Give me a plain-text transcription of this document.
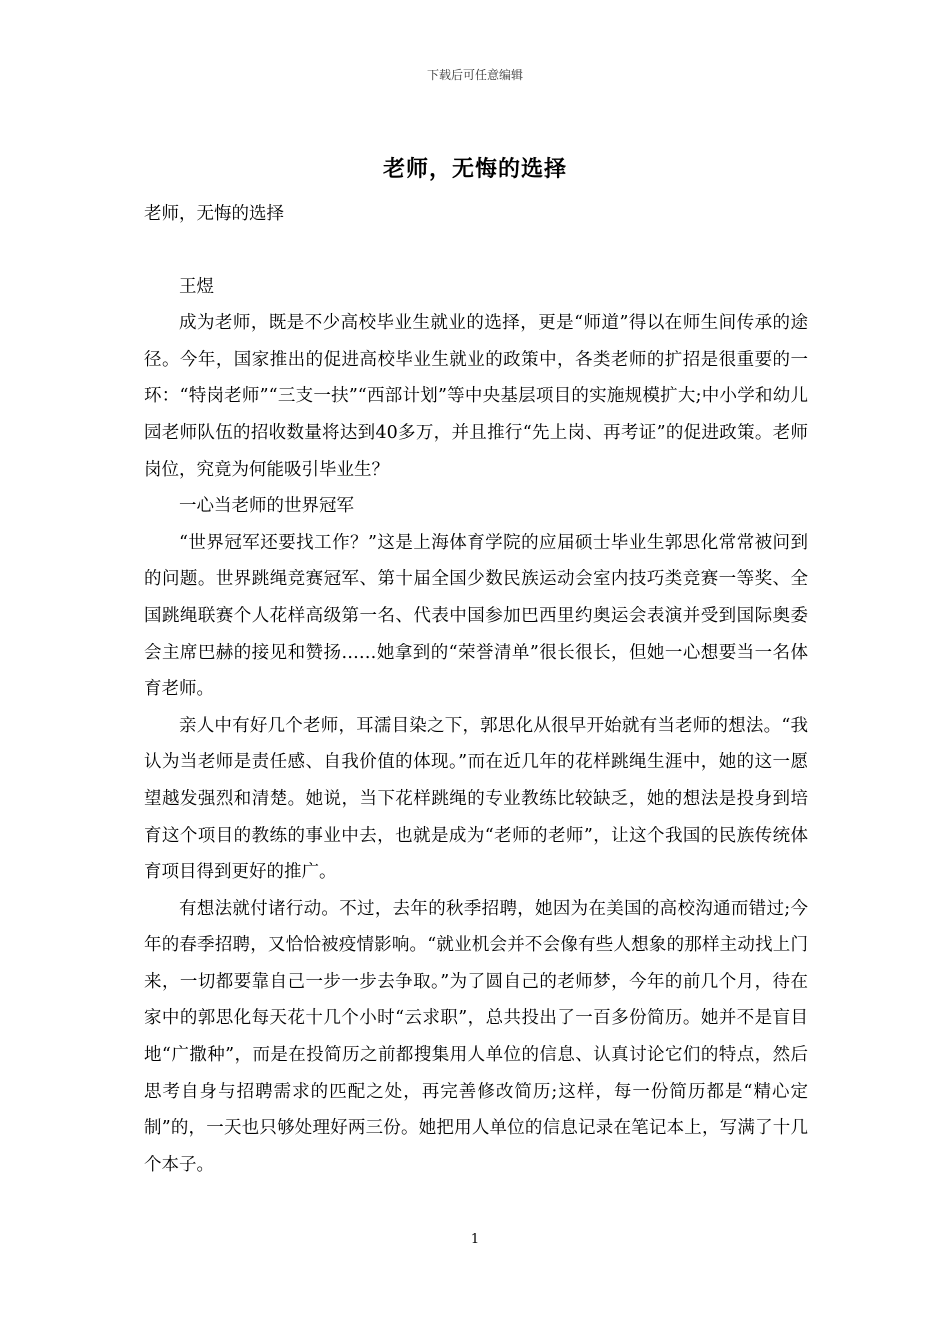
下载后可任意编辑
老师，无悔的选择

老师，无悔的选择

王煜

成为老师，既是不少高校毕业生就业的选择，更是“师道”得以在师生间传承的途径。今年，国家推出的促进高校毕业生就业的政策中，各类老师的扩招是很重要的一环：“特岗老师”“三支一扶”“西部计划”等中央基层项目的实施规模扩大;中小学和幼儿园老师队伍的招收数量将达到40多万，并且推行“先上岗、再考证”的促进政策。老师岗位，究竟为何能吸引毕业生？

一心当老师的世界冠军

“世界冠军还要找工作？”这是上海体育学院的应届硕士毕业生郭思化常常被问到的问题。世界跳绳竞赛冠军、第十届全国少数民族运动会室内技巧类竞赛一等奖、全国跳绳联赛个人花样高级第一名、代表中国参加巴西里约奥运会表演并受到国际奥委会主席巴赫的接见和赞扬……她拿到的“荣誉清单”很长很长，但她一心想要当一名体育老师。

亲人中有好几个老师，耳濡目染之下，郭思化从很早开始就有当老师的想法。“我认为当老师是责任感、自我价值的体现。”而在近几年的花样跳绳生涯中，她的这一愿望越发强烈和清楚。她说，当下花样跳绳的专业教练比较缺乏，她的想法是投身到培育这个项目的教练的事业中去，也就是成为“老师的老师”，让这个我国的民族传统体育项目得到更好的推广。

有想法就付诸行动。不过，去年的秋季招聘，她因为在美国的高校沟通而错过;今年的春季招聘，又恰恰被疫情影响。“就业机会并不会像有些人想象的那样主动找上门来，一切都要靠自己一步一步去争取。”为了圆自己的老师梦，今年的前几个月，待在家中的郭思化每天花十几个小时“云求职”，总共投出了一百多份简历。她并不是盲目地“广撒种”，而是在投简历之前都搜集用人单位的信息、认真讨论它们的特点，然后思考自身与招聘需求的匹配之处，再完善修改简历;这样，每一份简历都是“精心定制”的，一天也只够处理好两三份。她把用人单位的信息记录在笔记本上，写满了十几个本子。

1
